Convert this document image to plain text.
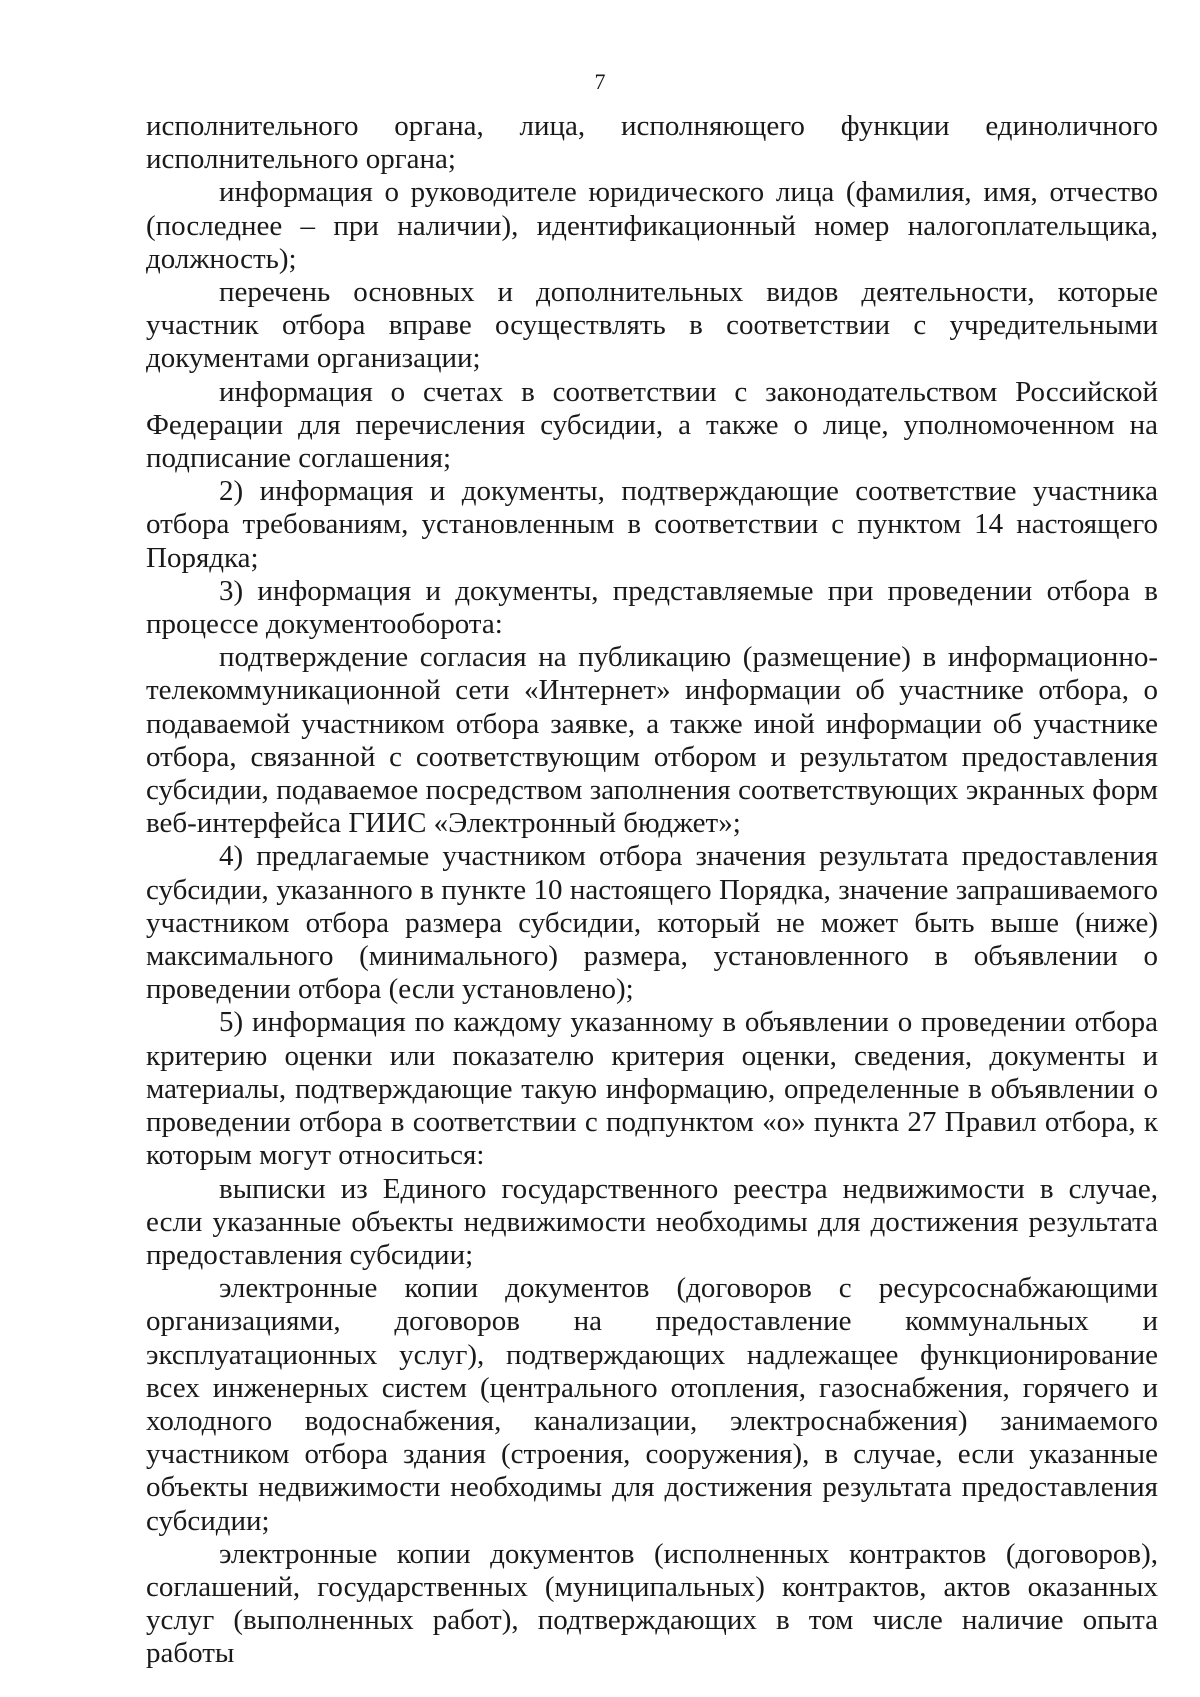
7

исполнительного органа, лица, исполняющего функции единоличного исполнительного органа;

информация о руководителе юридического лица (фамилия, имя, отчество (последнее – при наличии), идентификационный номер налогоплательщика, должность);

перечень основных и дополнительных видов деятельности, которые участник отбора вправе осуществлять в соответствии с учредительными документами организации;

информация о счетах в соответствии с законодательством Российской Федерации для перечисления субсидии, а также о лице, уполномоченном на подписание соглашения;

2) информация и документы, подтверждающие соответствие участника отбора требованиям, установленным в соответствии с пунктом 14 настоящего Порядка;

3) информация и документы, представляемые при проведении отбора в процессе документооборота:

подтверждение согласия на публикацию (размещение) в информационно-телекоммуникационной сети «Интернет» информации об участнике отбора, о подаваемой участником отбора заявке, а также иной информации об участнике отбора, связанной с соответствующим отбором и результатом предоставления субсидии, подаваемое посредством заполнения соответствующих экранных форм веб-интерфейса ГИИС «Электронный бюджет»;

4) предлагаемые участником отбора значения результата предоставления субсидии, указанного в пункте 10 настоящего Порядка, значение запрашиваемого участником отбора размера субсидии, который не может быть выше (ниже) максимального (минимального) размера, установленного в объявлении о проведении отбора (если установлено);

5) информация по каждому указанному в объявлении о проведении отбора критерию оценки или показателю критерия оценки, сведения, документы и материалы, подтверждающие такую информацию, определенные в объявлении о проведении отбора в соответствии с подпунктом «о» пункта 27 Правил отбора, к которым могут относиться:

выписки из Единого государственного реестра недвижимости в случае, если указанные объекты недвижимости необходимы для достижения результата предоставления субсидии;

электронные копии документов (договоров с ресурсоснабжающими организациями, договоров на предоставление коммунальных и эксплуатационных услуг), подтверждающих надлежащее функционирование всех инженерных систем (центрального отопления, газоснабжения, горячего и холодного водоснабжения, канализации, электроснабжения) занимаемого участником отбора здания (строения, сооружения), в случае, если указанные объекты недвижимости необходимы для достижения результата предоставления субсидии;

электронные копии документов (исполненных контрактов (договоров), соглашений, государственных (муниципальных) контрактов, актов оказанных услуг (выполненных работ), подтверждающих в том числе наличие опыта работы
